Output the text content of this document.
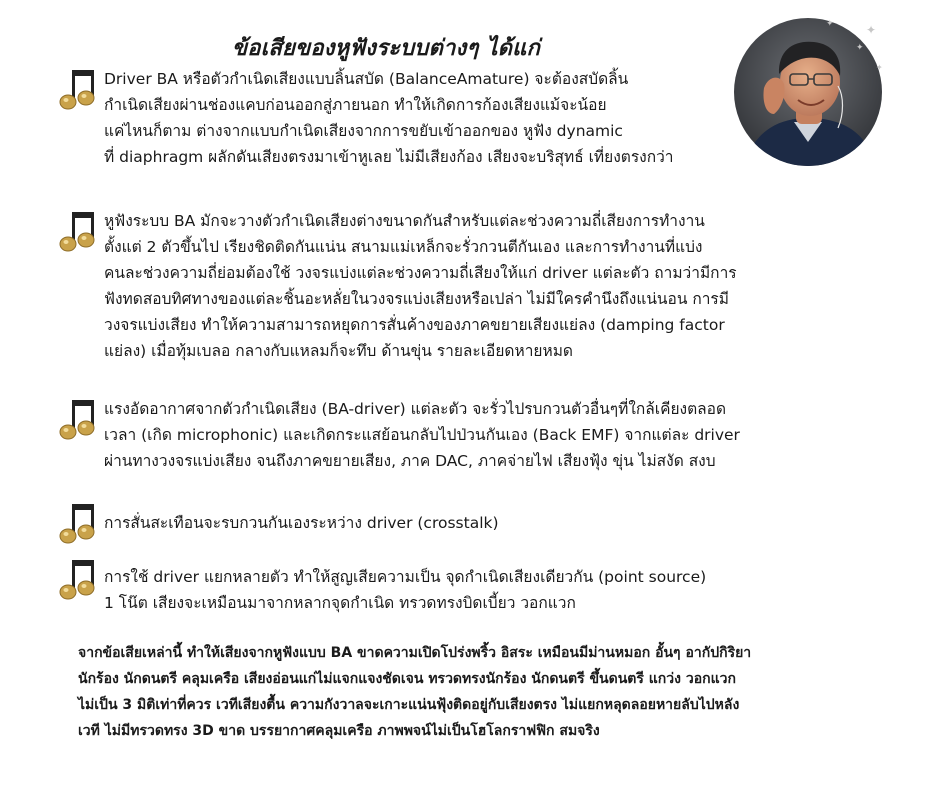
ข้อเสียของหูฟังระบบต่างๆ ได้แก่
✦
✦
✦
✦
Driver BA หรือตัวกำเนิดเสียงแบบลิ้นสบัด (BalanceAmature) จะต้องสบัดลิ้น
กำเนิดเสียงผ่านช่องแคบก่อนออกสู่ภายนอก ทำให้เกิดการก้องเสียงแม้จะน้อย
แค่ไหนก็ตาม ต่างจากแบบกำเนิดเสียงจากการขยับเข้าออกของ หูฟัง dynamic
ที่ diaphragm ผลักดันเสียงตรงมาเข้าหูเลย ไม่มีเสียงก้อง เสียงจะบริสุทธ์ เที่ยงตรงกว่า
หูฟังระบบ BA มักจะวางตัวกำเนิดเสียงต่างขนาดกันสำหรับแต่ละช่วงความถี่เสียงการทำงาน
ตั้งแต่ 2 ตัวขึ้นไป เรียงชิดติดกันแน่น สนามแม่เหล็กจะรั่วกวนตีกันเอง และการทำงานที่แบ่ง
คนละช่วงความถี่ย่อมต้องใช้ วงจรแบ่งแต่ละช่วงความถี่เสียงให้แก่ driver แต่ละตัว ถามว่ามีการ
ฟังทดสอบทิศทางของแต่ละชิ้นอะหลั่ยในวงจรแบ่งเสียงหรือเปล่า ไม่มีใครคำนึงถึงแน่นอน การมี
วงจรแบ่งเสียง ทำให้ความสามารถหยุดการสั่นค้างของภาคขยายเสียงแย่ลง (damping factor
แย่ลง) เมื่อทุ้มเบลอ กลางกับแหลมก็จะทึบ ด้านขุ่น รายละเอียดหายหมด
แรงอัดอากาศจากตัวกำเนิดเสียง (BA-driver) แต่ละตัว จะรั่วไปรบกวนตัวอื่นๆที่ใกล้เคียงตลอด
เวลา (เกิด microphonic) และเกิดกระแสย้อนกลับไปป่วนกันเอง (Back EMF) จากแต่ละ driver
ผ่านทางวงจรแบ่งเสียง จนถึงภาคขยายเสียง, ภาค DAC, ภาคจ่ายไฟ เสียงฟุ้ง ขุ่น ไม่สงัด สงบ
การสั่นสะเทือนจะรบกวนกันเองระหว่าง driver (crosstalk)
การใช้ driver แยกหลายตัว ทำให้สูญเสียความเป็น จุดกำเนิดเสียงเดียวกัน (point source)
1 โน๊ต เสียงจะเหมือนมาจากหลากจุดกำเนิด ทรวดทรงบิดเบี้ยว วอกแวก
จากข้อเสียเหล่านี้ ทำให้เสียงจากหูฟังแบบ BA ขาดความเปิดโปร่งพริ้ว อิสระ เหมือนมีม่านหมอก อั้นๆ อากัปกิริยา
นักร้อง นักดนตรี คลุมเครือ เสียงอ่อนแก่ไม่แจกแจงชัดเจน ทรวดทรงนักร้อง นักดนตรี ขึ้นดนตรี แกว่ง วอกแวก
ไม่เป็น 3 มิติเท่าที่ควร เวทีเสียงตื้น ความกังวาลจะเกาะแน่นฟุ้งติดอยู่กับเสียงตรง ไม่แยกหลุดลอยหายลับไปหลัง
เวที ไม่มีทรวดทรง 3D ขาด บรรยากาศคลุมเครือ ภาพพจน์ไม่เป็นโฮโลกราฟฟิก สมจริง
